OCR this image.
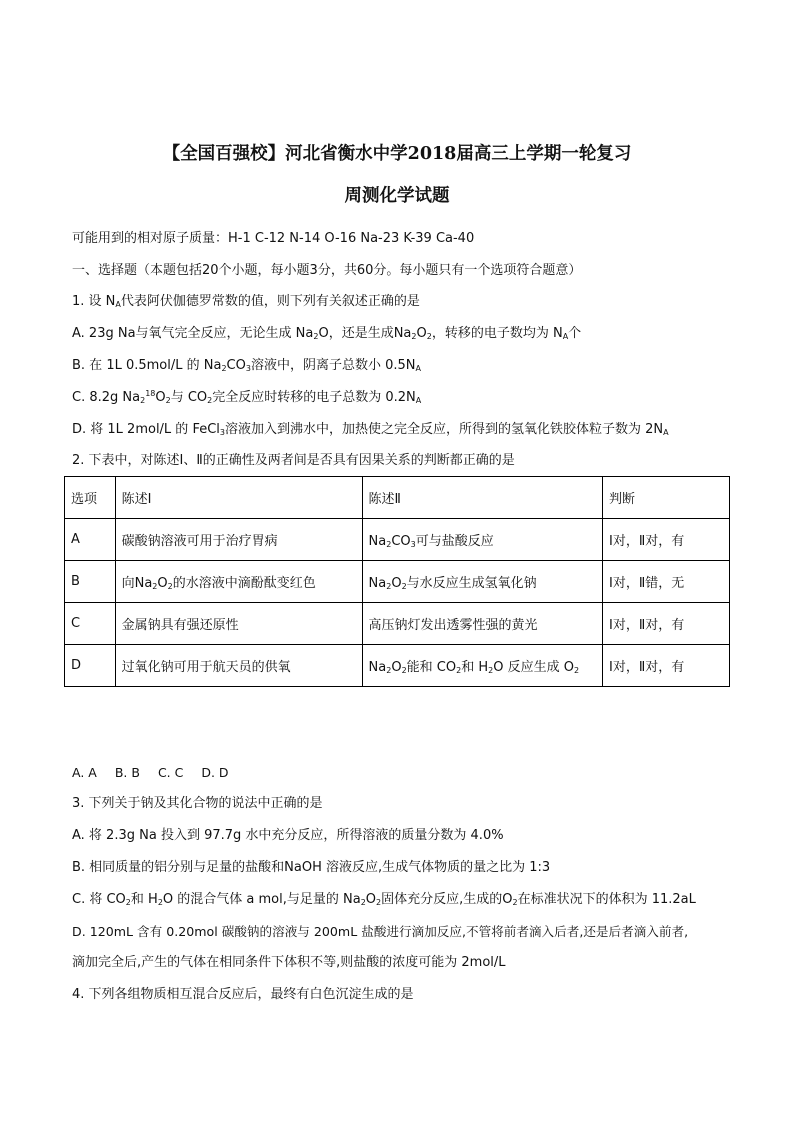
【全国百强校】河北省衡水中学2018届高三上学期一轮复习
周测化学试题
可能用到的相对原子质量：H-1 C-12 N-14 O-16 Na-23 K-39 Ca-40
一、选择题（本题包括20个小题，每小题3分，共60分。每小题只有一个选项符合题意）
1. 设 $N_A$代表阿伏伽德罗常数的值，则下列有关叙述正确的是
A. 23g Na与氧气完全反应，无论生成 $Na_2O$，还是生成$Na_2O_2$，转移的电子数均为 $N_A$个
B. 在 1L 0.5mol/L 的 $Na_2CO_3$溶液中，阴离子总数小 $0.5N_A$
C. 8.2g $Na_2^{18}O_2$与 $CO_2$完全反应时转移的电子总数为 $0.2N_A$
D. 将 1L 2mol/L 的 FeCl$_3$溶液加入到沸水中，加热使之完全反应，所得到的氢氧化铁胶体粒子数为 $2N_A$
2. 下表中，对陈述Ⅰ、Ⅱ的正确性及两者间是否具有因果关系的判断都正确的是
选项	陈述Ⅰ	陈述Ⅱ	判断
A	碳酸钠溶液可用于治疗胃病	$Na_2CO_3$可与盐酸反应	Ⅰ对，Ⅱ对，有
B	向$Na_2O_2$的水溶液中滴酚酞变红色	$Na_2O_2$与水反应生成氢氧化钠	Ⅰ对，Ⅱ错，无
C	金属钠具有强还原性	高压钠灯发出透雾性强的黄光	Ⅰ对，Ⅱ对，有
D	过氧化钠可用于航天员的供氧	$Na_2O_2$能和 $CO_2$和 $H_2O$ 反应生成 $O_2$	Ⅰ对，Ⅱ对，有
A. A B. B C. C D. D
3. 下列关于钠及其化合物的说法中正确的是
A. 将 2.3g Na 投入到 97.7g 水中充分反应，所得溶液的质量分数为 4.0%
B. 相同质量的铝分别与足量的盐酸和NaOH 溶液反应,生成气体物质的量之比为 1:3
C. 将 $CO_2$和 $H_2O$ 的混合气体 a mol,与足量的 $Na_2O_2$固体充分反应,生成的$O_2$在标准状况下的体积为 11.2aL
D. 120mL 含有 0.20mol 碳酸钠的溶液与 200mL 盐酸进行滴加反应,不管将前者滴入后者,还是后者滴入前者,
滴加完全后,产生的气体在相同条件下体积不等,则盐酸的浓度可能为 2mol/L
4. 下列各组物质相互混合反应后，最终有白色沉淀生成的是
